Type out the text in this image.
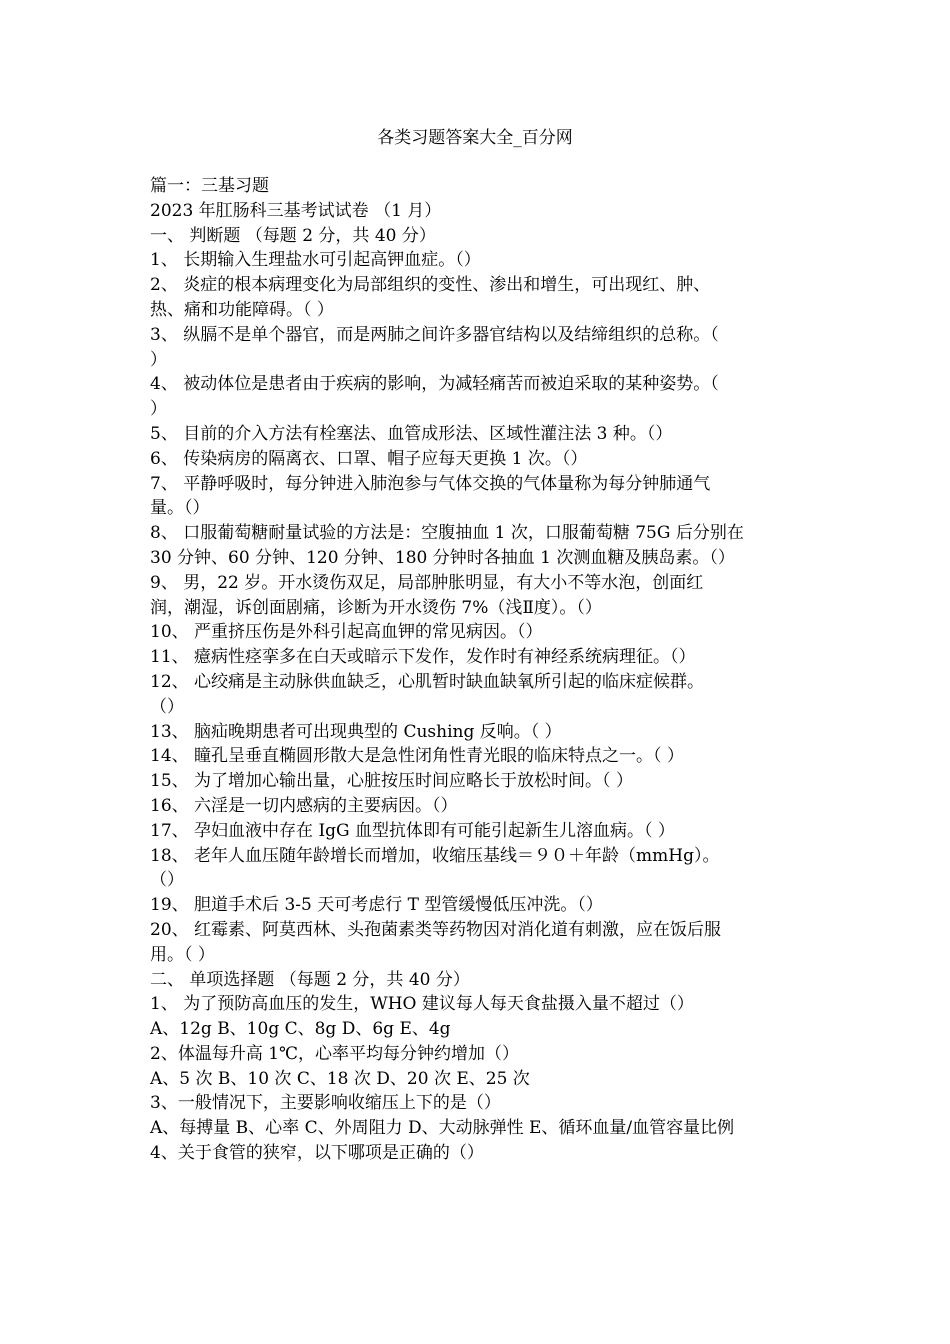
各类习题答案大全_百分网
篇一：三基习题
2023 年肛肠科三基考试试卷 （1 月）
一、 判断题 （每题 2 分，共 40 分）
1、 长期输入生理盐水可引起高钾血症。（）
2、 炎症的根本病理变化为局部组织的变性、渗出和增生，可出现红、肿、
热、痛和功能障碍。（ ）
3、 纵膈不是单个器官，而是两肺之间许多器官结构以及结缔组织的总称。（
）
4、 被动体位是患者由于疾病的影响，为减轻痛苦而被迫采取的某种姿势。（
）
5、 目前的介入方法有栓塞法、血管成形法、区域性灌注法 3 种。（）
6、 传染病房的隔离衣、口罩、帽子应每天更换 1 次。（）
7、 平静呼吸时，每分钟进入肺泡参与气体交换的气体量称为每分钟肺通气
量。（）
8、 口服葡萄糖耐量试验的方法是：空腹抽血 1 次，口服葡萄糖 75G 后分别在
30 分钟、60 分钟、120 分钟、180 分钟时各抽血 1 次测血糖及胰岛素。（）
9、 男，22 岁。开水烫伤双足，局部肿胀明显，有大小不等水泡，创面红
润，潮湿，诉创面剧痛，诊断为开水烫伤 7%（浅Ⅱ度）。（）
10、 严重挤压伤是外科引起高血钾的常见病因。（）
11、 癔病性痉挛多在白天或暗示下发作，发作时有神经系统病理征。（）
12、 心绞痛是主动脉供血缺乏，心肌暂时缺血缺氧所引起的临床症候群。
（）
13、 脑疝晚期患者可出现典型的 Cushing 反响。（ ）
14、 瞳孔呈垂直椭圆形散大是急性闭角性青光眼的临床特点之一。（ ）
15、 为了增加心输出量，心脏按压时间应略长于放松时间。（ ）
16、 六淫是一切内感病的主要病因。（）
17、 孕妇血液中存在 IgG 血型抗体即有可能引起新生儿溶血病。（ ）
18、 老年人血压随年龄增长而增加，收缩压基线＝９０＋年龄（mmHg）。
（）
19、 胆道手术后 3-5 天可考虑行 T 型管缓慢低压冲洗。（）
20、 红霉素、阿莫西林、头孢菌素类等药物因对消化道有刺激，应在饭后服
用。（ ）
二、 单项选择题 （每题 2 分，共 40 分）
1、 为了预防高血压的发生，WHO 建议每人每天食盐摄入量不超过（）
A、12g B、10g C、8g D、6g E、4g
2、体温每升高 1℃，心率平均每分钟约增加（）
A、5 次 B、10 次 C、18 次 D、20 次 E、25 次
3、一般情况下，主要影响收缩压上下的是（）
A、每搏量 B、心率 C、外周阻力 D、大动脉弹性 E、循环血量/血管容量比例
4、关于食管的狭窄，以下哪项是正确的（）
